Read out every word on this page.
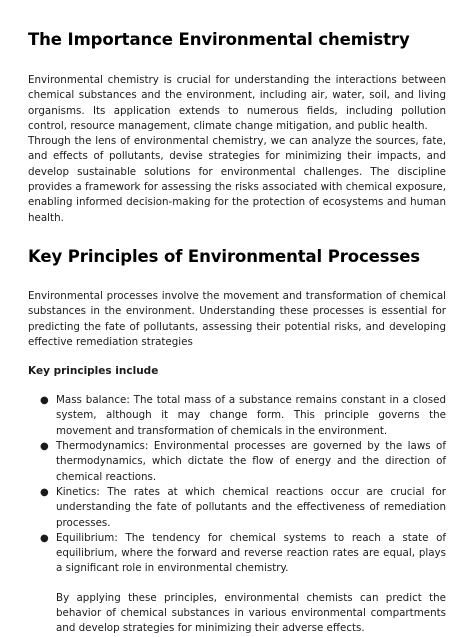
The Importance Environmental chemistry

Environmental chemistry is crucial for understanding the interactions between chemical substances and the environment, including air, water, soil, and living organisms. Its application extends to numerous fields, including pollution control, resource management, climate change mitigation, and public health.

Through the lens of environmental chemistry, we can analyze the sources, fate, and effects of pollutants, devise strategies for minimizing their impacts, and develop sustainable solutions for environmental challenges. The discipline provides a framework for assessing the risks associated with chemical exposure, enabling informed decision-making for the protection of ecosystems and human health.

Key Principles of Environmental Processes

Environmental processes involve the movement and transformation of chemical substances in the environment. Understanding these processes is essential for predicting the fate of pollutants, assessing their potential risks, and developing effective remediation strategies

Key principles include
● Mass balance: The total mass of a substance remains constant in a closed system, although it may change form. This principle governs the movement and transformation of chemicals in the environment.
● Thermodynamics: Environmental processes are governed by the laws of thermodynamics, which dictate the flow of energy and the direction of chemical reactions.
● Kinetics: The rates at which chemical reactions occur are crucial for understanding the fate of pollutants and the effectiveness of remediation processes.
● Equilibrium: The tendency for chemical systems to reach a state of equilibrium, where the forward and reverse reaction rates are equal, plays a significant role in environmental chemistry.

By applying these principles, environmental chemists can predict the behavior of chemical substances in various environmental compartments and develop strategies for minimizing their adverse effects.
